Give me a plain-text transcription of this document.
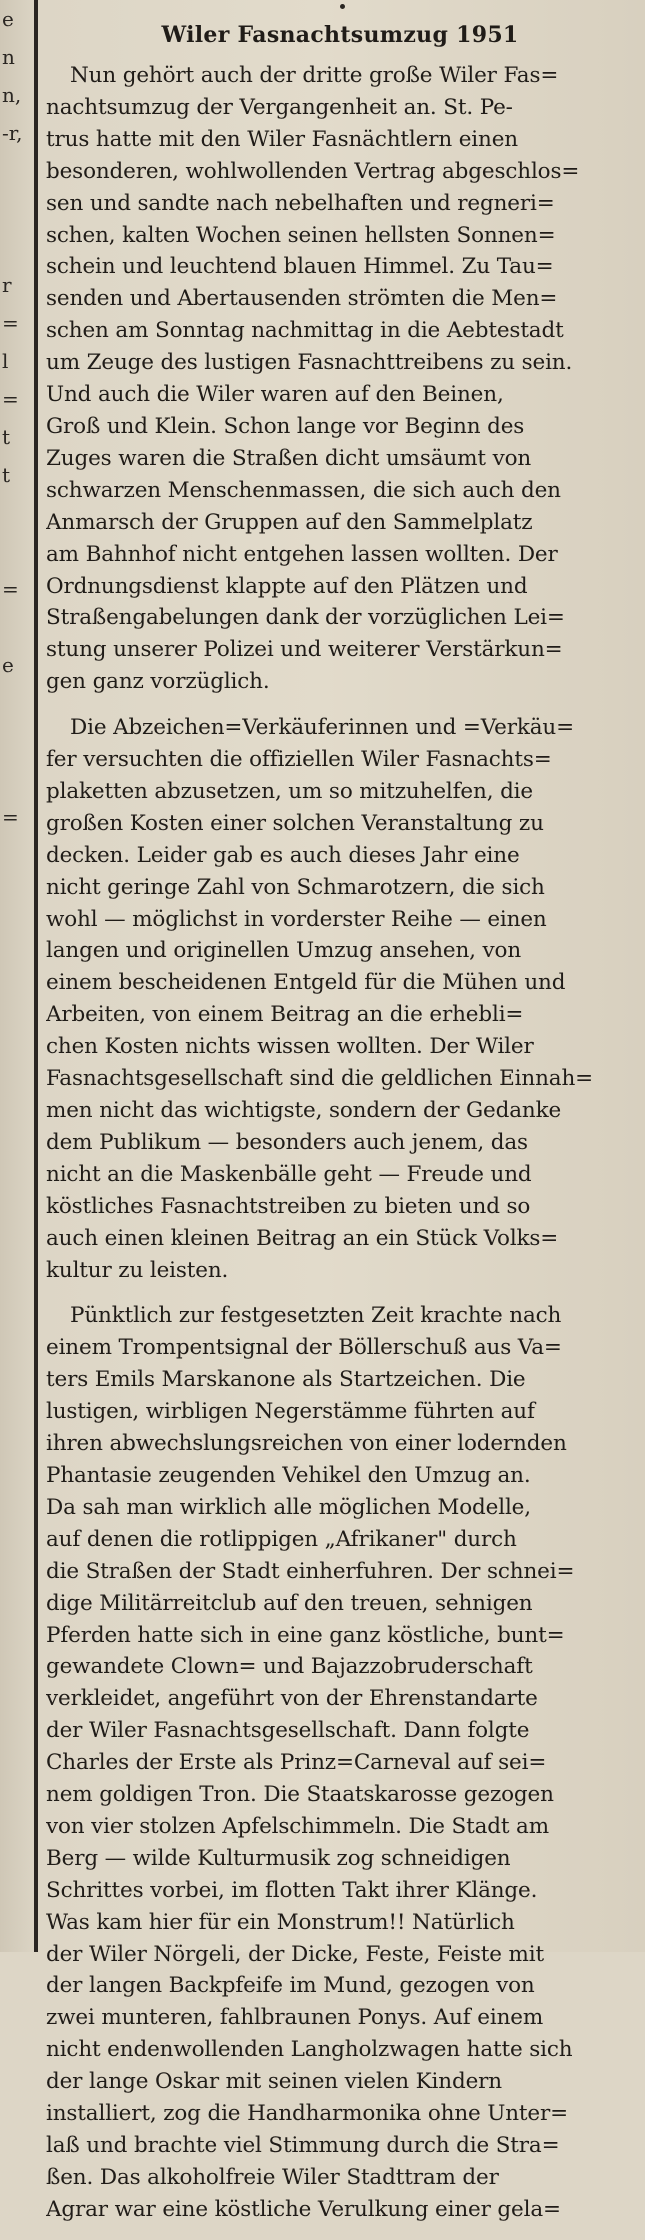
e
n
n,
-r,
r
=
l
=
t
t
=
e
=
Wiler Fasnachtsumzug 1951

Nun gehört auch der dritte große Wiler Fas=

nachtsumzug der Vergangenheit an. St. Pe-

trus hatte mit den Wiler Fasnächtlern einen

besonderen, wohlwollenden Vertrag abgeschlos=

sen und sandte nach nebelhaften und regneri=

schen, kalten Wochen seinen hellsten Sonnen=

schein und leuchtend blauen Himmel. Zu Tau=

senden und Abertausenden strömten die Men=

schen am Sonntag nachmittag in die Aebtestadt

um Zeuge des lustigen Fasnachttreibens zu sein.

Und auch die Wiler waren auf den Beinen,

Groß und Klein. Schon lange vor Beginn des

Zuges waren die Straßen dicht umsäumt von

schwarzen Menschenmassen, die sich auch den

Anmarsch der Gruppen auf den Sammelplatz

am Bahnhof nicht entgehen lassen wollten. Der

Ordnungsdienst klappte auf den Plätzen und

Straßengabelungen dank der vorzüglichen Lei=

stung unserer Polizei und weiterer Verstärkun=

gen ganz vorzüglich.

Die Abzeichen=Verkäuferinnen und =Verkäu=

fer versuchten die offiziellen Wiler Fasnachts=

plaketten abzusetzen, um so mitzuhelfen, die

großen Kosten einer solchen Veranstaltung zu

decken. Leider gab es auch dieses Jahr eine

nicht geringe Zahl von Schmarotzern, die sich

wohl — möglichst in vorderster Reihe — einen

langen und originellen Umzug ansehen, von

einem bescheidenen Entgeld für die Mühen und

Arbeiten, von einem Beitrag an die erhebli=

chen Kosten nichts wissen wollten. Der Wiler

Fasnachtsgesellschaft sind die geldlichen Einnah=

men nicht das wichtigste, sondern der Gedanke

dem Publikum — besonders auch jenem, das

nicht an die Maskenbälle geht — Freude und

köstliches Fasnachtstreiben zu bieten und so

auch einen kleinen Beitrag an ein Stück Volks=

kultur zu leisten.

Pünktlich zur festgesetzten Zeit krachte nach

einem Trompentsignal der Böllerschuß aus Va=

ters Emils Marskanone als Startzeichen. Die

lustigen, wirbligen Negerstämme führten auf

ihren abwechslungsreichen von einer lodernden

Phantasie zeugenden Vehikel den Umzug an.

Da sah man wirklich alle möglichen Modelle,

auf denen die rotlippigen „Afrikaner" durch

die Straßen der Stadt einherfuhren. Der schnei=

dige Militärreitclub auf den treuen, sehnigen

Pferden hatte sich in eine ganz köstliche, bunt=

gewandete Clown= und Bajazzobruderschaft

verkleidet, angeführt von der Ehrenstandarte

der Wiler Fasnachtsgesellschaft. Dann folgte

Charles der Erste als Prinz=Carneval auf sei=

nem goldigen Tron. Die Staatskarosse gezogen

von vier stolzen Apfelschimmeln. Die Stadt am

Berg — wilde Kulturmusik zog schneidigen

Schrittes vorbei, im flotten Takt ihrer Klänge.

Was kam hier für ein Monstrum!! Natürlich

der Wiler Nörgeli, der Dicke, Feste, Feiste mit

der langen Backpfeife im Mund, gezogen von

zwei munteren, fahlbraunen Ponys. Auf einem

nicht endenwollenden Langholzwagen hatte sich

der lange Oskar mit seinen vielen Kindern

installiert, zog die Handharmonika ohne Unter=

laß und brachte viel Stimmung durch die Stra=

ßen. Das alkoholfreie Wiler Stadttram der

Agrar war eine köstliche Verulkung einer gela=
